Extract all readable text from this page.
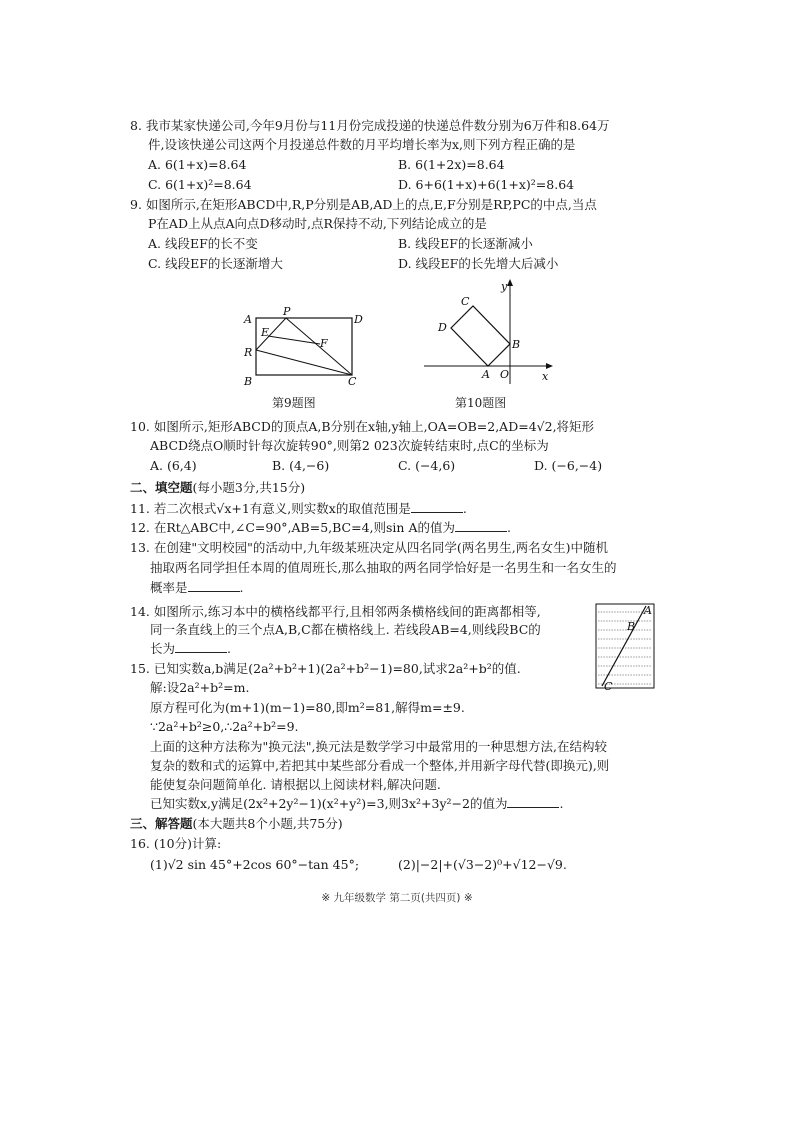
8. 我市某家快递公司,今年9月份与11月份完成投递的快递总件数分别为6万件和8.64万
件,设该快递公司这两个月投递总件数的月平均增长率为x,则下列方程正确的是
A. 6(1+x)=8.64	B. 6(1+2x)=8.64
C. 6(1+x)²=8.64	D. 6+6(1+x)+6(1+x)²=8.64
9. 如图所示,在矩形ABCD中,R,P分别是AB,AD上的点,E,F分别是RP,PC的中点,当点
P在AD上从点A向点D移动时,点R保持不动,下列结论成立的是
A. 线段EF的长不变	B. 线段EF的长逐渐减小
C. 线段EF的长逐渐增大	D. 线段EF的长先增大后减小
A
P
D
E
F
R
B	C
第9题图
y
x
C
D
B
A O
第10题图
10. 如图所示,矩形ABCD的顶点A,B分别在x轴,y轴上,OA=OB=2,AD=4√2,将矩形
ABCD绕点O顺时针每次旋转90°,则第2 023次旋转结束时,点C的坐标为
A. (6,4)	B. (4,−6)	C. (−4,6)	D. (−6,−4)
二、填空题(每小题3分,共15分)
11. 若二次根式√x+1有意义,则实数x的取值范围是	.
12. 在Rt△ABC中,∠C=90°,AB=5,BC=4,则sin A的值为	.
13. 在创建"文明校园"的活动中,九年级某班决定从四名同学(两名男生,两名女生)中随机
抽取两名同学担任本周的值周班长,那么抽取的两名同学恰好是一名男生和一名女生的
概率是	.
14. 如图所示,练习本中的横格线都平行,且相邻两条横格线间的距离都相等,
同一条直线上的三个点A,B,C都在横格线上. 若线段AB=4,则线段BC的
长为	.
A
B
C
15. 已知实数a,b满足(2a²+b²+1)(2a²+b²−1)=80,试求2a²+b²的值.
解:设2a²+b²=m.
原方程可化为(m+1)(m−1)=80,即m²=81,解得m=±9.
∵2a²+b²≥0,∴2a²+b²=9.
上面的这种方法称为"换元法",换元法是数学学习中最常用的一种思想方法,在结构较
复杂的数和式的运算中,若把其中某些部分看成一个整体,并用新字母代替(即换元),则
能使复杂问题简单化. 请根据以上阅读材料,解决问题.
已知实数x,y满足(2x²+2y²−1)(x²+y²)=3,则3x²+3y²−2的值为	.
三、解答题(本大题共8个小题,共75分)
16. (10分)计算:
(1)√2 sin 45°+2cos 60°−tan 45°;	(2)|−2|+(√3−2)⁰+√12−√9.
※ 九年级数学 第二页(共四页) ※
